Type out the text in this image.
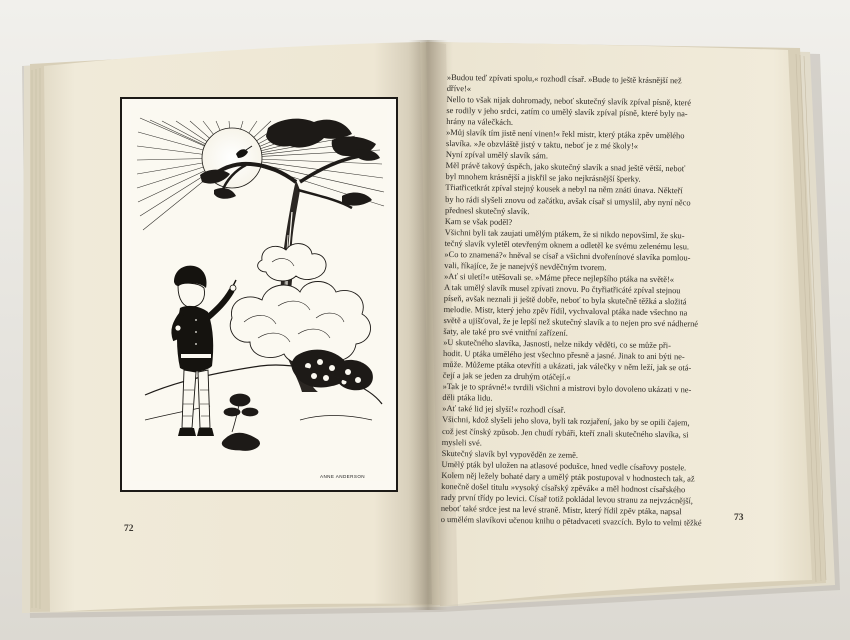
ANNE ANDERSON
72
73
»Budou teď zpívati spolu,« rozhodl císař. »Bude to ještě krásnější než
dříve!«
Nello to však nijak dohromady, neboť skutečný slavík zpíval písně, které
se rodily v jeho srdci, zatím co umělý slavík zpíval písně, které byly na-
hrány na válečkách.
»Můj slavík tím jistě není vinen!« řekl mistr, který ptáka zpěv umělého
slavíka. »Je obzvláště jistý v taktu, neboť je z mé školy!«
Nyní zpíval umělý slavík sám.
Měl právě takový úspěch, jako skutečný slavík a snad ještě větší, neboť
byl mnohem krásnější a jiskřil se jako nejkrásnější šperky.
Třiatřicetkrát zpíval stejný kousek a nebyl na něm znáti únava. Někteří
by ho rádi slyšeli znovu od začátku, avšak císař si umyslil, aby nyní něco
přednesl skutečný slavík.
Kam se však poděl?
Všichni byli tak zaujati umělým ptákem, že si nikdo nepovšiml, že sku-
tečný slavík vyletěl otevřeným oknem a odletěl ke svému zelenému lesu.
»Co to znamená?« hněval se císař a všichni dvořenínové slavíka pomlou-
vali, říkajíce, že je nanejvýš nevděčným tvorem.
»Ať si uletí!« utěšovali se. »Máme přece nejlepšího ptáka na světě!«
A tak umělý slavík musel zpívati znovu. Po čtyřiatřicáté zpíval stejnou
píseň, avšak neznali ji ještě dobře, neboť to byla skutečně těžká a složitá
melodie. Mistr, který jeho zpěv řídil, vychvaloval ptáka nade všechno na
světě a ujišťoval, že je lepší než skutečný slavík a to nejen pro své nádherné
šaty, ale také pro své vnitřní zařízení.
»U skutečného slavíka, Jasnosti, nelze nikdy věděti, co se může při-
hodit. U ptáka umělého jest všechno přesně a jasné. Jinak to ani býti ne-
může. Můžeme ptáka otevříti a ukázati, jak válečky v něm leží, jak se otá-
čejí a jak se jeden za druhým otáčejí.«
»Tak je to správné!« tvrdili všichni a mistrovi bylo dovoleno ukázati v ne-
děli ptáka lidu.
»Ať také lid jej slyší!« rozhodl císař.
Všichni, kdož slyšeli jeho slova, byli tak rozjaření, jako by se opili čajem,
což jest čínský způsob. Jen chudí rybáři, kteří znali skutečného slavíka, si
mysleli své.
Skutečný slavík byl vypověděn ze země.
Umělý pták byl uložen na atlasové podušce, hned vedle císařovy postele.
Kolem něj ležely bohaté dary a umělý pták postupoval v hodnostech tak, až
konečně došel titulu »vysoký císařský zpěvák« a měl hodnost císařského
rady první třídy po levici. Císař totiž pokládal levou stranu za nejvzácnější,
neboť také srdce jest na levé straně. Mistr, který řídil zpěv ptáka, napsal
o umělém slavíkovi učenou knihu o pětadvaceti svazcích. Bylo to velmi těžké
